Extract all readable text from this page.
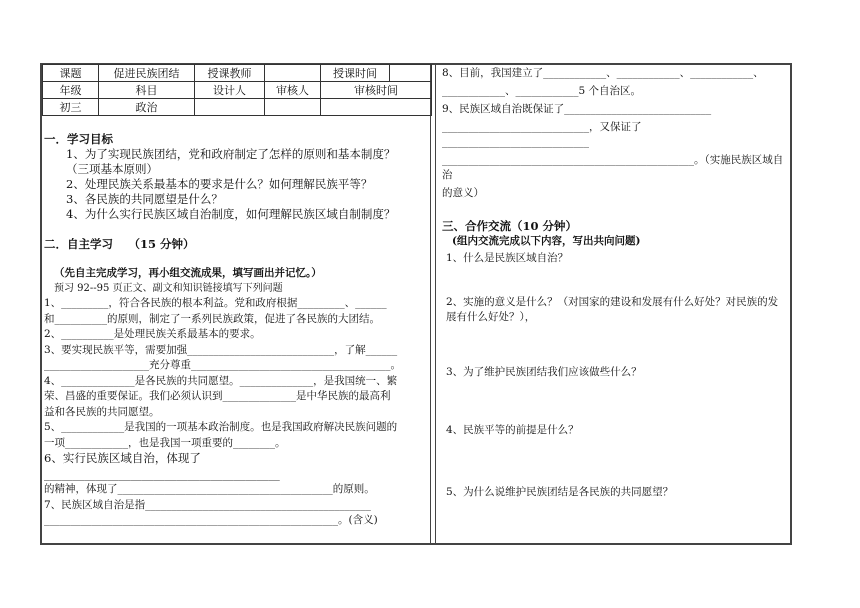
课题	促进民族团结	授课教师		授课时间	
年级	科目	设计人	审核人	审核时间	
初三	政治				

一．学习目标

1、为了实现民族团结，党和政府制定了怎样的原则和基本制度？

（三项基本原则）

2、处理民族关系最基本的要求是什么？如何理解民族平等？

3、各民族的共同愿望是什么？

4、为什么实行民族区域自治制度，如何理解民族区域自制制度？

二．自主学习　 （15 分钟）

（先自主完成学习，再小组交流成果，填写画出并记忆。）

预习 92--95 页正文、副文和知识链接填写下列问题

1、_________，符合各民族的根本利益。党和政府根据_________、______

和__________的原则，制定了一系列民族政策，促进了各民族的大团结。

2、__________是处理民族关系最基本的要求。

3、要实现民族平等，需要加强____________________________，了解______

____________________充分尊重______________________________________。

4、______________是各民族的共同愿望。______________，是我国统一、繁

荣、昌盛的重要保证。我们必须认识到______________是中华民族的最高利

益和各民族的共同愿望。

5、____________是我国的一项基本政治制度。也是我国政府解决民族问题的

一项____________，也是我国一项重要的________。

6、实行民族区域自治，体现了_________________________________________

的精神，体现了_________________________________________的原则。

7、民族区域自治是指___________________________________________

________________________________________________________。(含义)

8、目前，我国建立了____________、____________、____________、

____________、____________5 个自治区。

9、民族区域自治既保证了____________________________

____________________________，又保证了____________________________

________________________________________________。（实施民族区域自治

的意义）

三、合作交流（10 分钟）

(组内交流完成以下内容，写出共向问题)

1、什么是民族区域自治？

2、实施的意义是什么？（对国家的建设和发展有什么好处？对民族的发展有什么好处？），

3、为了维护民族团结我们应该做些什么？

4、民族平等的前提是什么？

5、为什么说维护民族团结是各民族的共同愿望？
